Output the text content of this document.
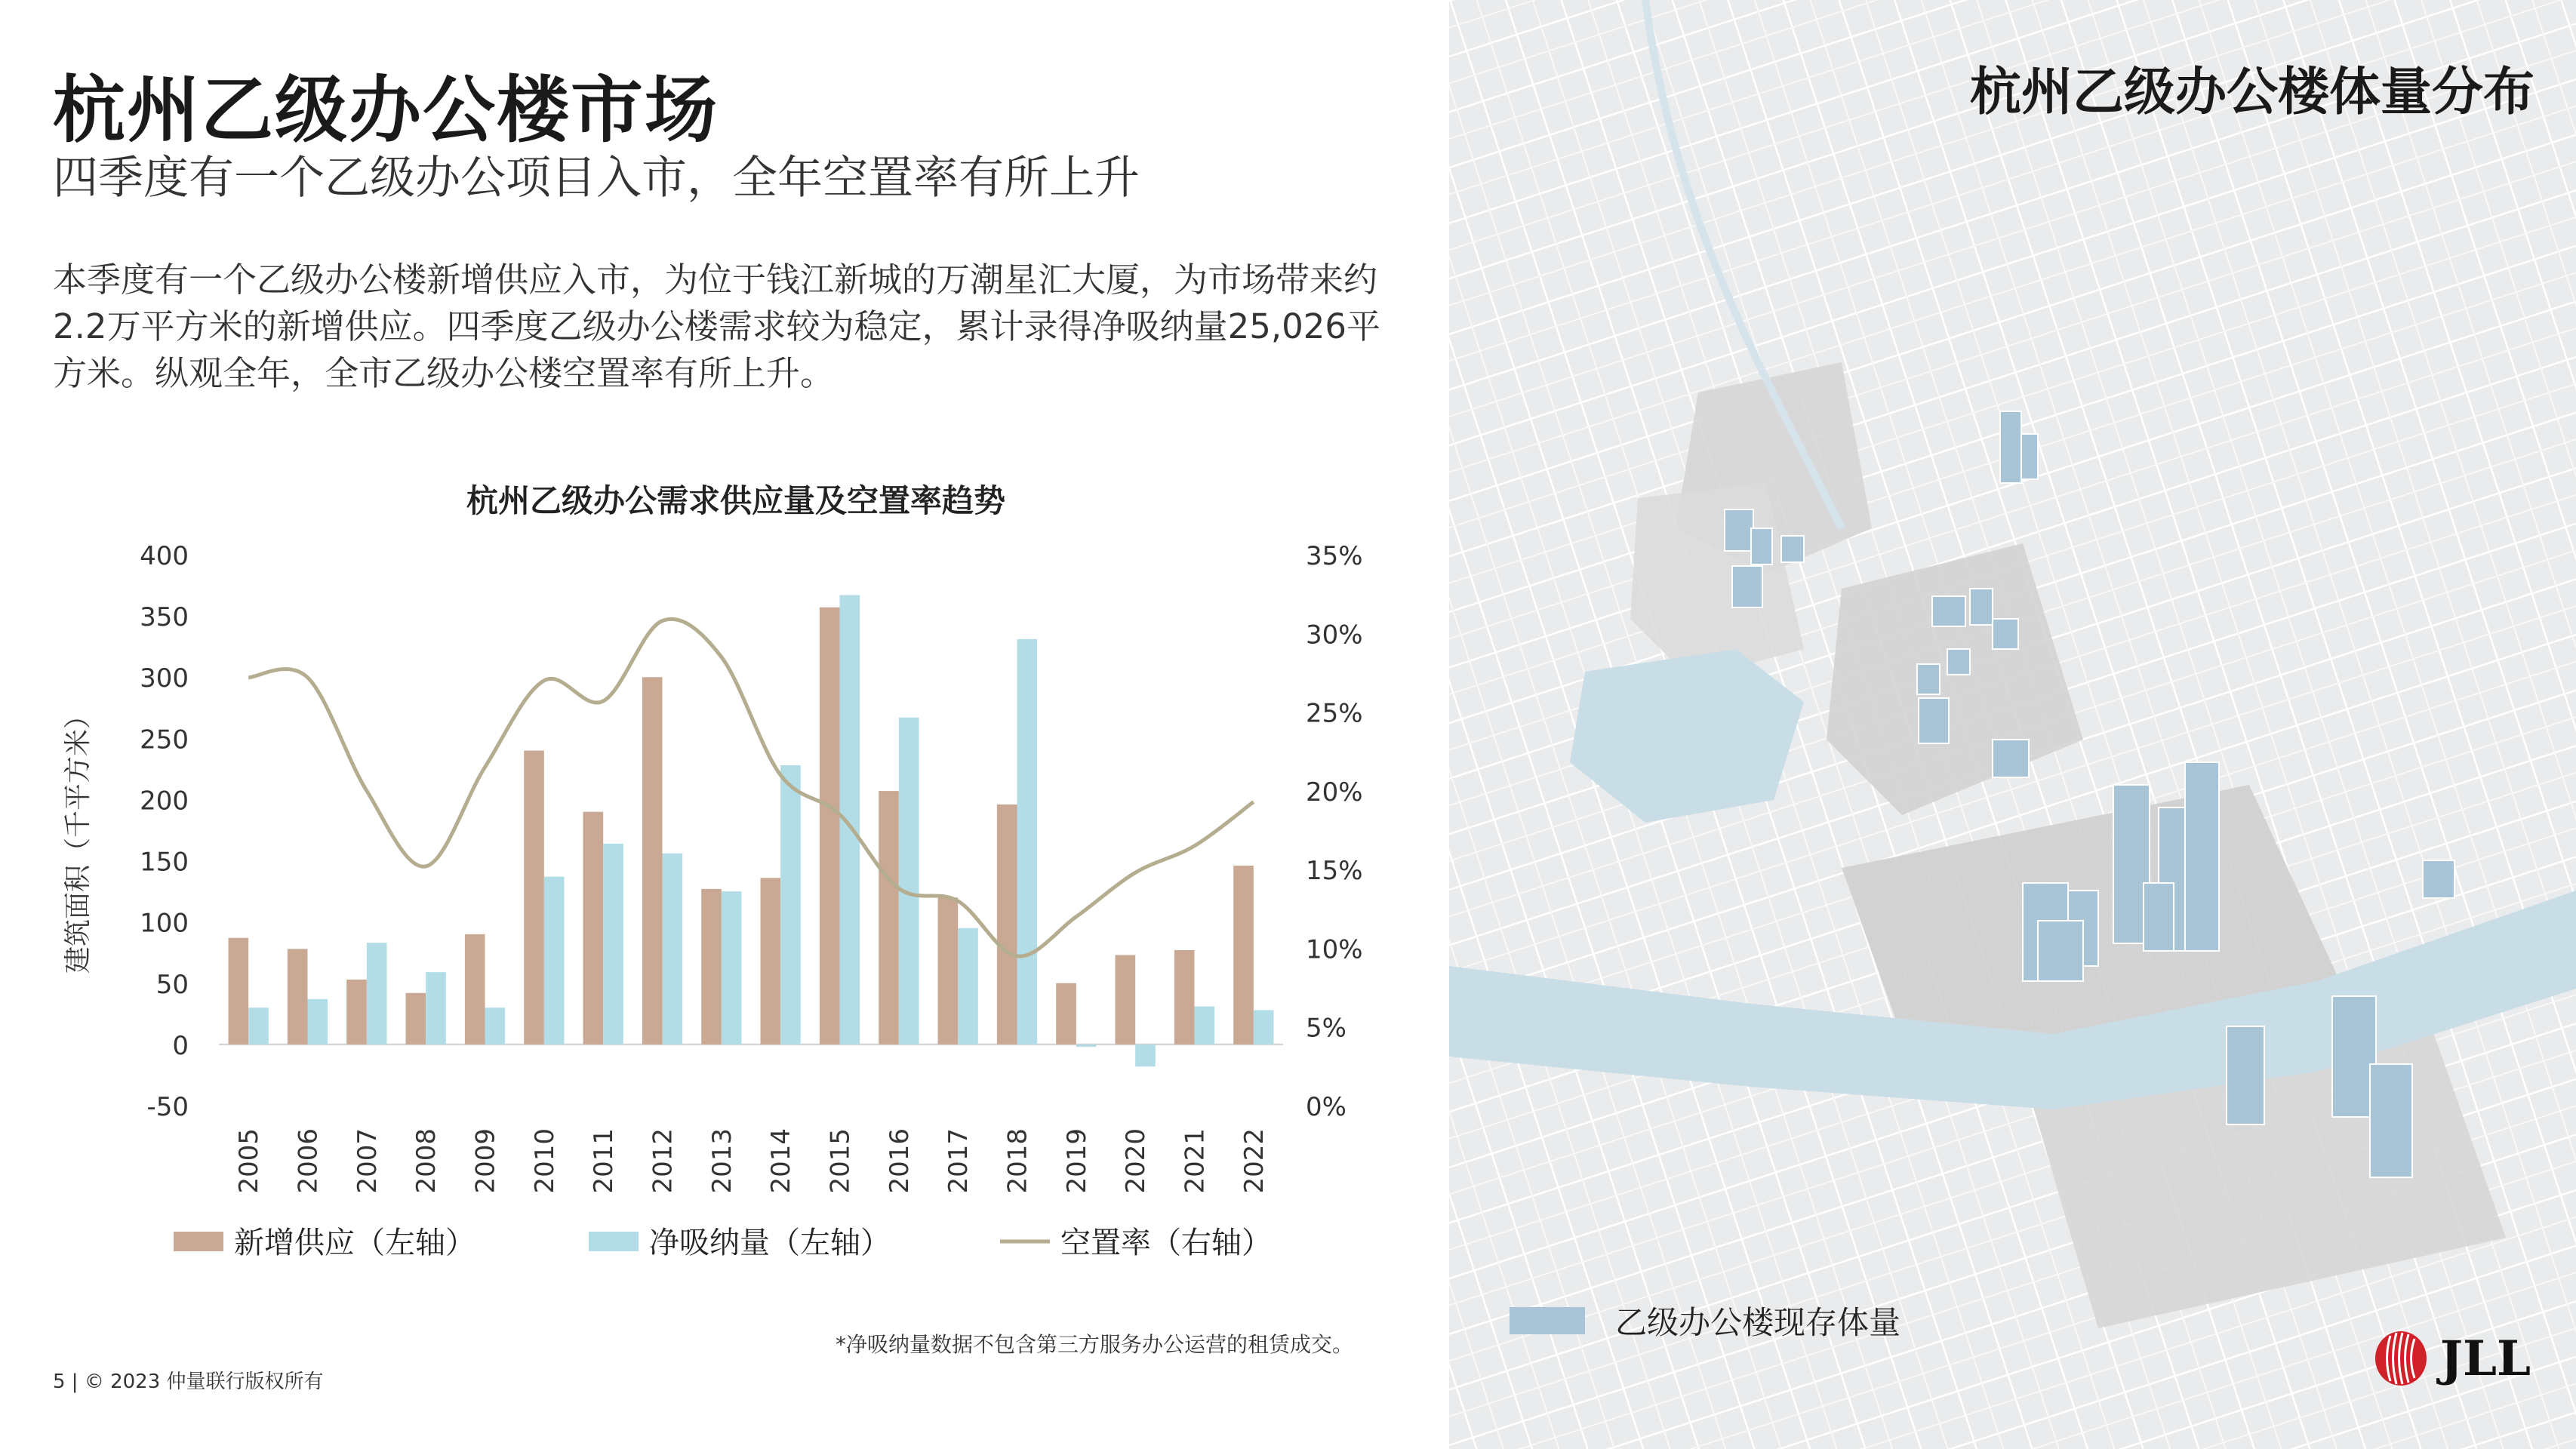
杭州乙级办公楼市场
四季度有一个乙级办公项目入市，全年空置率有所上升
本季度有一个乙级办公楼新增供应入市，为位于钱江新城的万潮星汇大厦，为市场带来约2.2万平方米的新增供应。四季度乙级办公楼需求较为稳定，累计录得净吸纳量25,026平方米。纵观全年，全市乙级办公楼空置率有所上升。
杭州乙级办公需求供应量及空置率趋势
建筑面积（千平方米）
400
350
300
250
200
150
100
50
0
-50
35%
30%
25%
20%
15%
10%
5%
0%
2005 2006 2007 2008 2009 2010 2011 2012 2013 2014 2015 2016 2017 2018 2019 2020 2021 2022
新增供应（左轴）	净吸纳量（左轴）	空置率（右轴）
*净吸纳量数据不包含第三方服务办公运营的租赁成交。
5 | © 2023 仲量联行版权所有
杭州乙级办公楼体量分布
乙级办公楼现存体量
JLL
